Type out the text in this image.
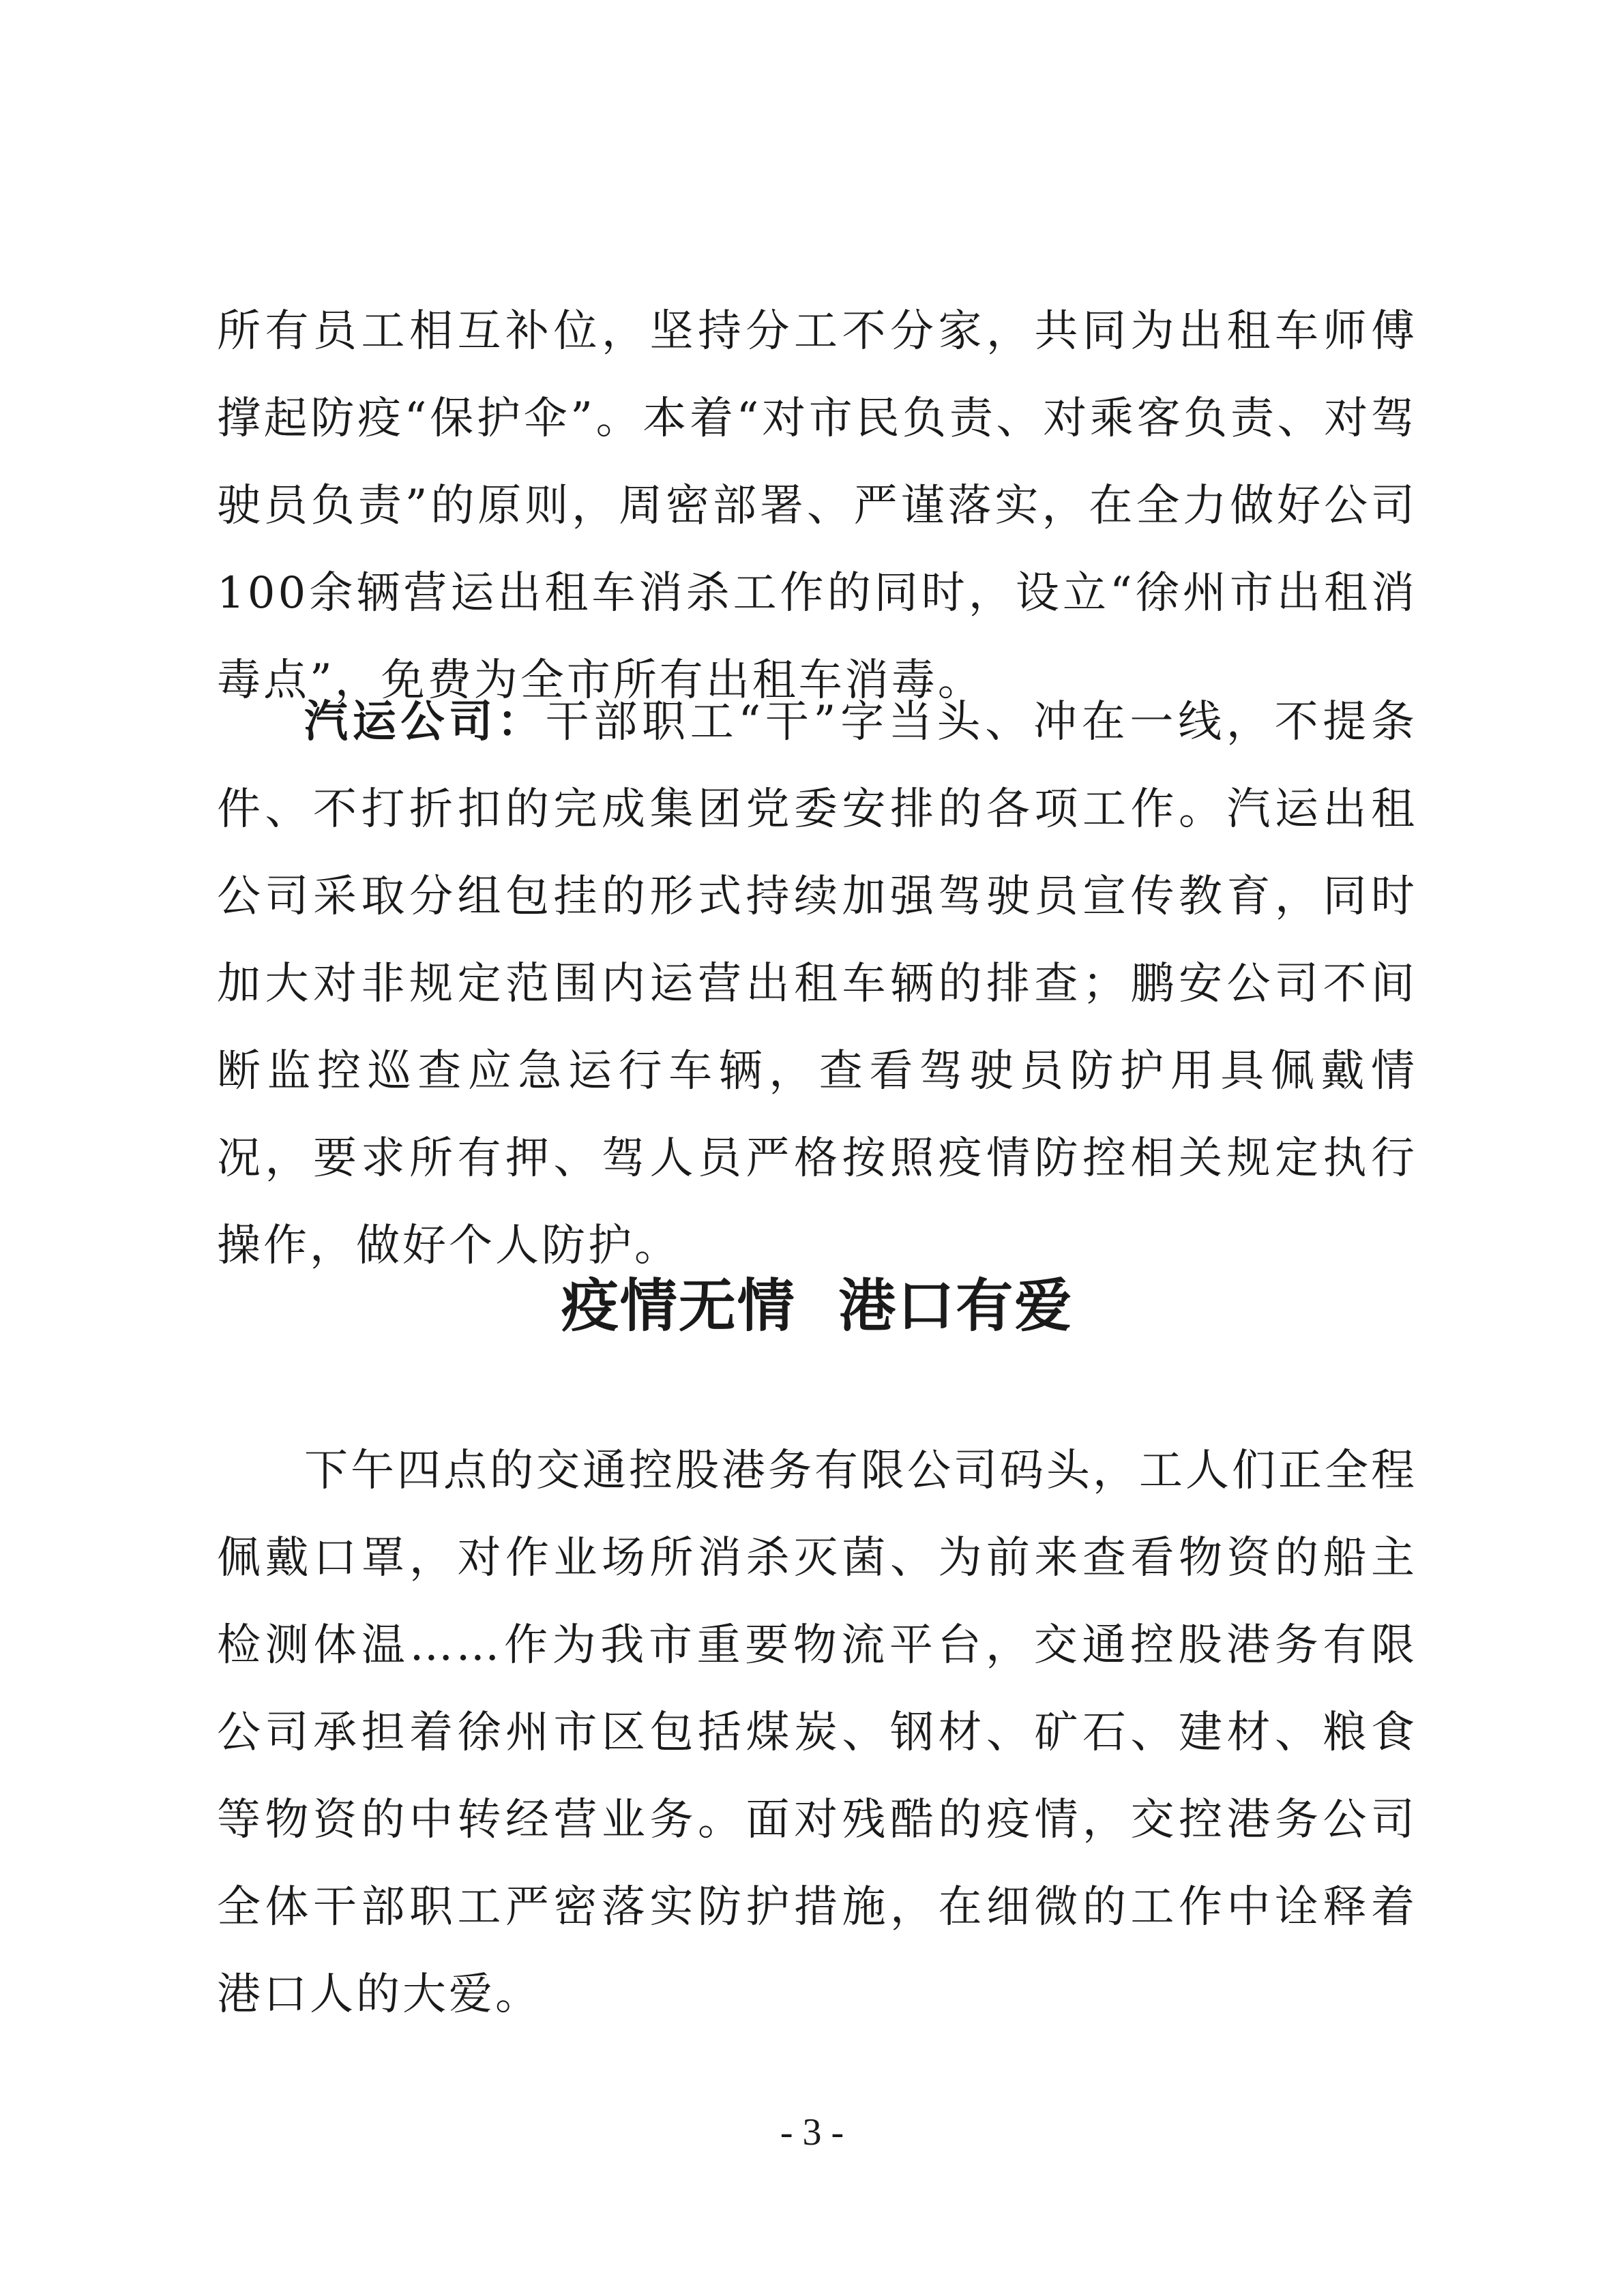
所有员工相互补位，坚持分工不分家，共同为出租车师傅撑起防疫“保护伞”。本着“对市民负责、对乘客负责、对驾驶员负责”的原则，周密部署、严谨落实，在全力做好公司100余辆营运出租车消杀工作的同时，设立“徐州市出租消毒点”，免费为全市所有出租车消毒。

汽运公司：干部职工“干”字当头、冲在一线，不提条件、不打折扣的完成集团党委安排的各项工作。汽运出租公司采取分组包挂的形式持续加强驾驶员宣传教育，同时加大对非规定范围内运营出租车辆的排查；鹏安公司不间断监控巡查应急运行车辆，查看驾驶员防护用具佩戴情况，要求所有押、驾人员严格按照疫情防控相关规定执行操作，做好个人防护。

疫情无情  港口有爱

下午四点的交通控股港务有限公司码头，工人们正全程佩戴口罩，对作业场所消杀灭菌、为前来查看物资的船主检测体温……作为我市重要物流平台，交通控股港务有限公司承担着徐州市区包括煤炭、钢材、矿石、建材、粮食等物资的中转经营业务。面对残酷的疫情，交控港务公司全体干部职工严密落实防护措施，在细微的工作中诠释着港口人的大爱。

- 3 -
